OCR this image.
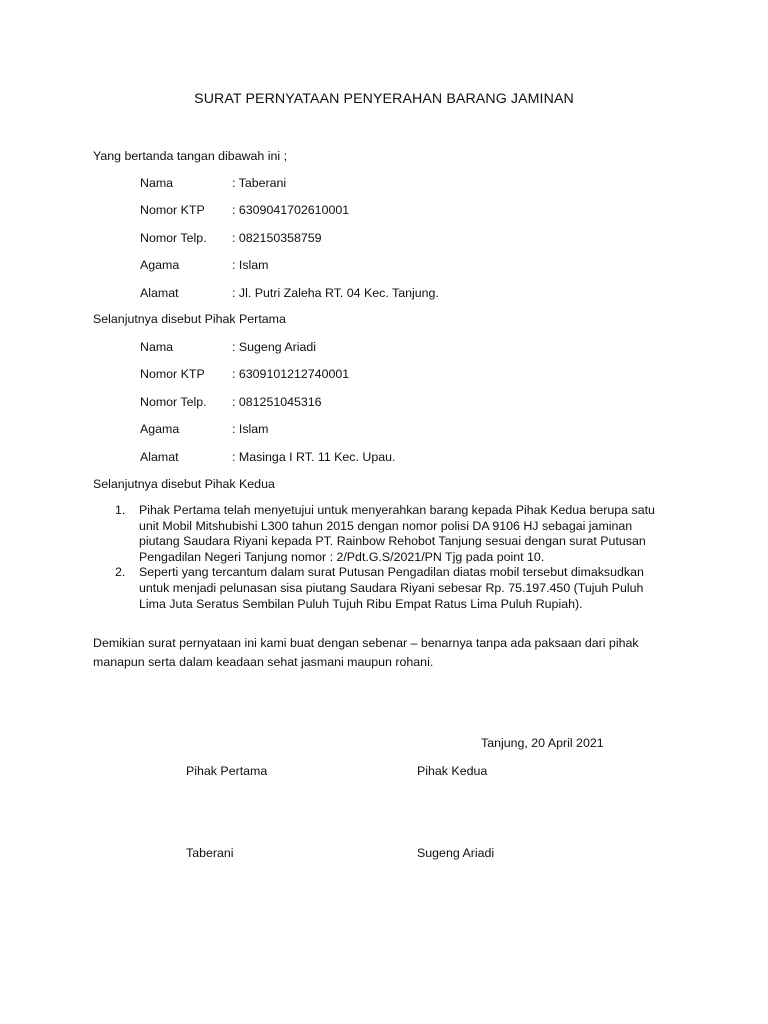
SURAT PERNYATAAN PENYERAHAN BARANG JAMINAN
Yang bertanda tangan dibawah ini ;
Nama	: Taberani
Nomor KTP : 6309041702610001
Nomor Telp. : 082150358759
Agama	: Islam
Alamat	: Jl. Putri Zaleha RT. 04 Kec. Tanjung.
Selanjutnya disebut Pihak Pertama
Nama	: Sugeng Ariadi
Nomor KTP : 6309101212740001
Nomor Telp. : 081251045316
Agama	: Islam
Alamat	: Masinga I RT. 11 Kec. Upau.
Selanjutnya disebut Pihak Kedua
1. Pihak Pertama telah menyetujui untuk menyerahkan barang kepada Pihak Kedua berupa satu unit Mobil Mitshubishi L300 tahun 2015 dengan nomor polisi DA 9106 HJ sebagai jaminan piutang Saudara Riyani kepada PT. Rainbow Rehobot Tanjung sesuai dengan surat Putusan Pengadilan Negeri Tanjung nomor : 2/Pdt.G.S/2021/PN Tjg pada point 10.
2. Seperti yang tercantum dalam surat Putusan Pengadilan diatas mobil tersebut dimaksudkan untuk menjadi pelunasan sisa piutang Saudara Riyani sebesar Rp. 75.197.450 (Tujuh Puluh Lima Juta Seratus Sembilan Puluh Tujuh Ribu Empat Ratus Lima Puluh Rupiah).
Demikian surat pernyataan ini kami buat dengan sebenar – benarnya tanpa ada paksaan dari pihak manapun serta dalam keadaan sehat jasmani maupun rohani.
Tanjung, 20 April 2021
Pihak Pertama	Pihak Kedua
Taberani	Sugeng Ariadi
